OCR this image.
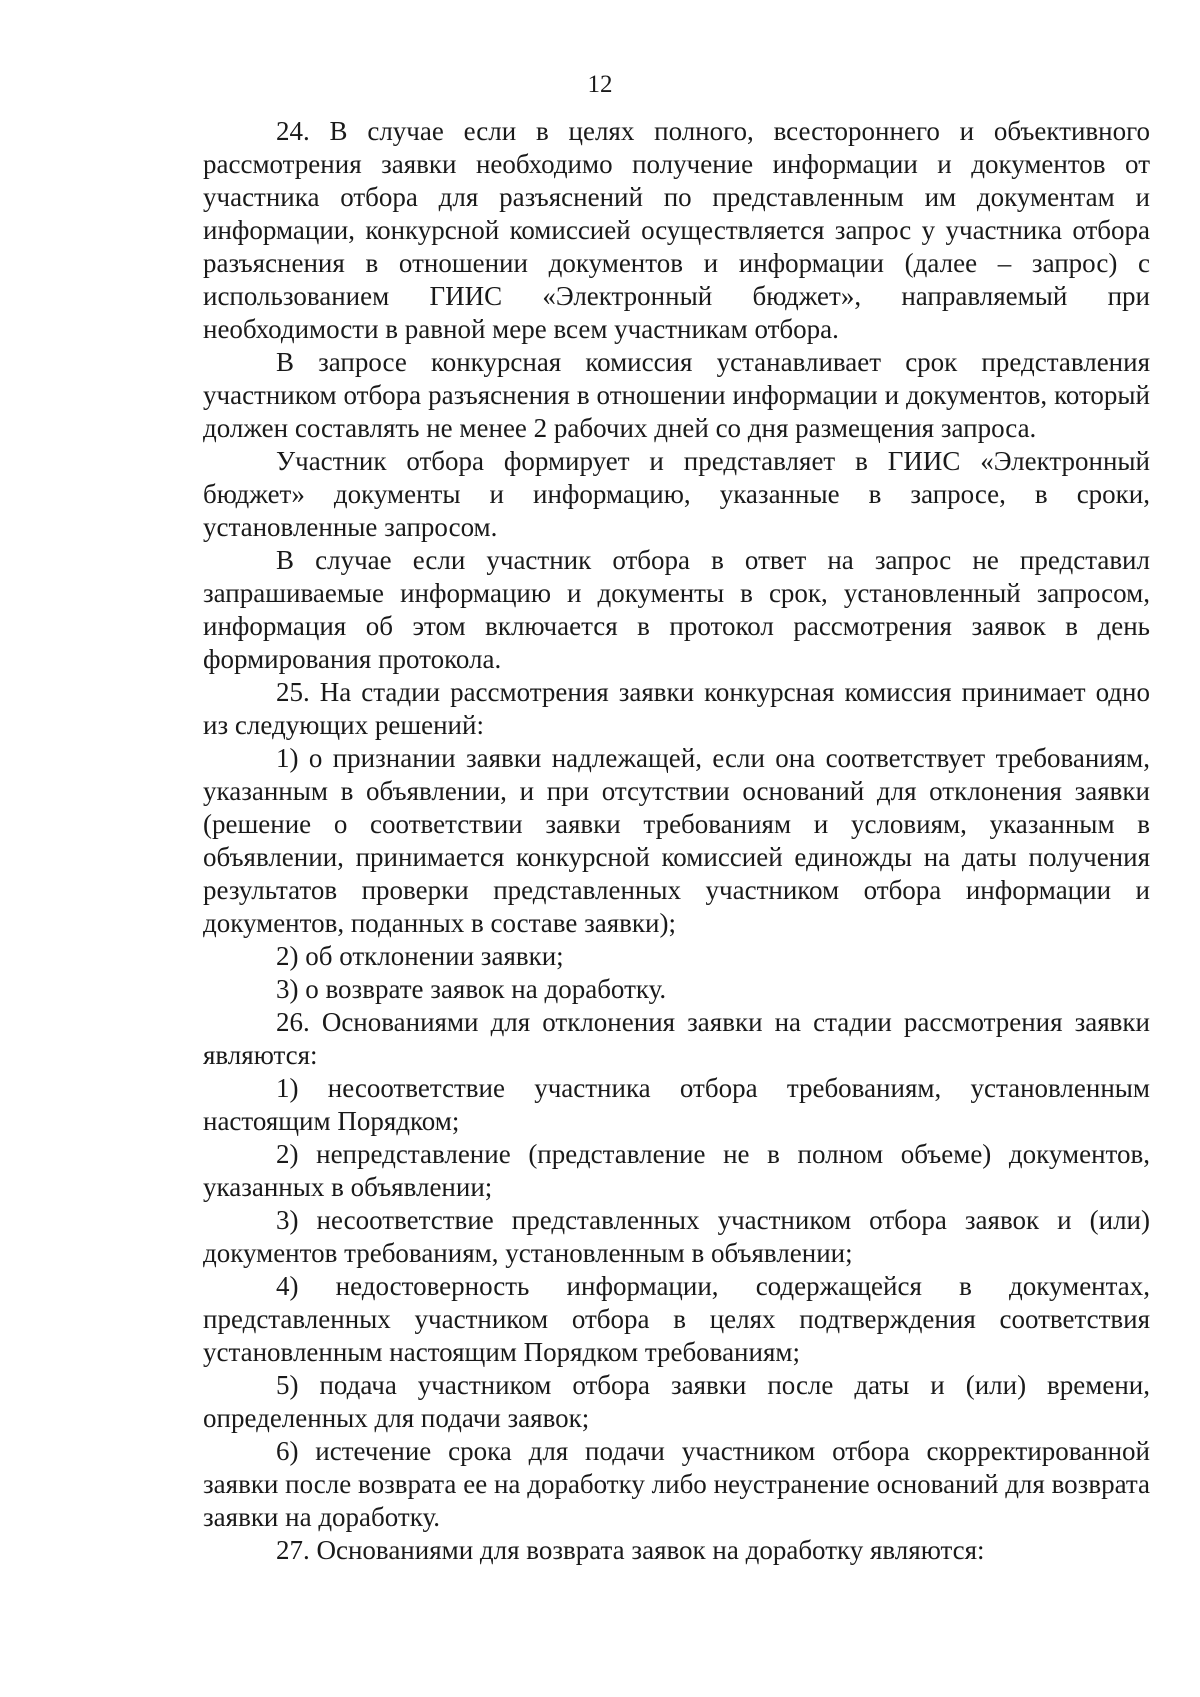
12

24. В случае если в целях полного, всестороннего и объективного рассмотрения заявки необходимо получение информации и документов от участника отбора для разъяснений по представленным им документам и информации, конкурсной комиссией осуществляется запрос у участника отбора разъяснения в отношении документов и информации (далее – запрос) с использованием ГИИС «Электронный бюджет», направляемый при необходимости в равной мере всем участникам отбора.

В запросе конкурсная комиссия устанавливает срок представления участником отбора разъяснения в отношении информации и документов, который должен составлять не менее 2 рабочих дней со дня размещения запроса.

Участник отбора формирует и представляет в ГИИС «Электронный бюджет» документы и информацию, указанные в запросе, в сроки, установленные запросом.

В случае если участник отбора в ответ на запрос не представил запрашиваемые информацию и документы в срок, установленный запросом, информация об этом включается в протокол рассмотрения заявок в день формирования протокола.

25. На стадии рассмотрения заявки конкурсная комиссия принимает одно из следующих решений:

1) о признании заявки надлежащей, если она соответствует требованиям, указанным в объявлении, и при отсутствии оснований для отклонения заявки (решение о соответствии заявки требованиям и условиям, указанным в объявлении, принимается конкурсной комиссией единожды на даты получения результатов проверки представленных участником отбора информации и документов, поданных в составе заявки);

2) об отклонении заявки;

3) о возврате заявок на доработку.

26. Основаниями для отклонения заявки на стадии рассмотрения заявки являются:

1) несоответствие участника отбора требованиям, установленным настоящим Порядком;

2) непредставление (представление не в полном объеме) документов, указанных в объявлении;

3) несоответствие представленных участником отбора заявок и (или) документов требованиям, установленным в объявлении;

4) недостоверность информации, содержащейся в документах, представленных участником отбора в целях подтверждения соответствия установленным настоящим Порядком требованиям;

5) подача участником отбора заявки после даты и (или) времени, определенных для подачи заявок;

6) истечение срока для подачи участником отбора скорректированной заявки после возврата ее на доработку либо неустранение оснований для возврата заявки на доработку.

27. Основаниями для возврата заявок на доработку являются:
